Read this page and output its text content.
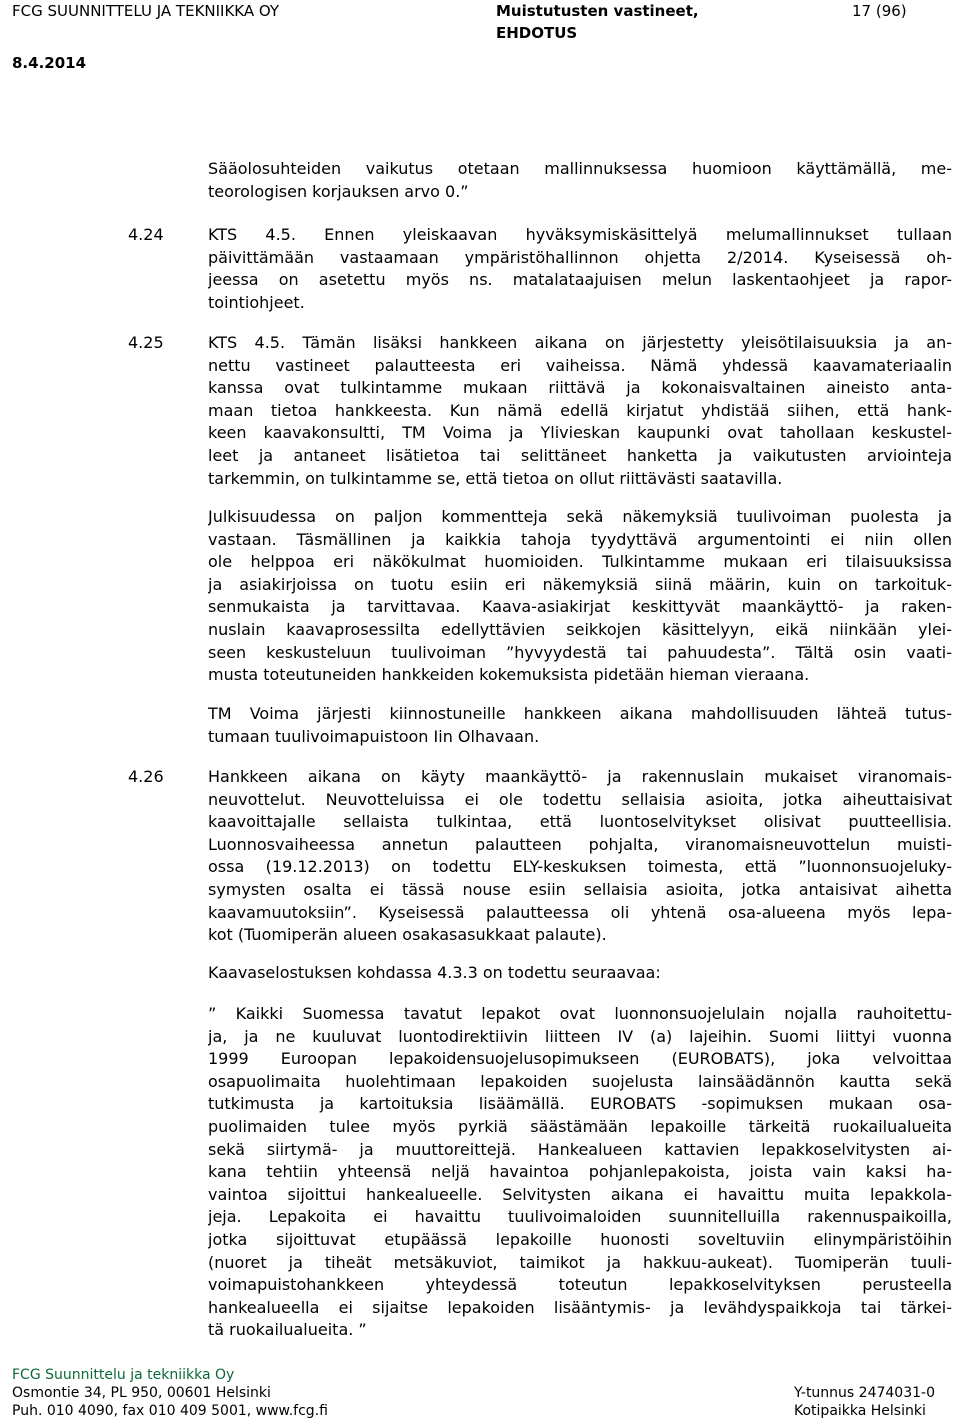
FCG SUUNNITTELU JA TEKNIIKKA OY	Muistutusten vastineet,
EHDOTUS
17 (96)
8.4.2014
Sääolosuhteiden vaikutus otetaan mallinnuksessa huomioon käyttämällä, me-
teorologisen korjauksen arvo 0.”
4.24	KTS 4.5. Ennen yleiskaavan hyväksymiskäsittelyä melumallinnukset tullaan
päivittämään vastaamaan ympäristöhallinnon ohjetta 2/2014. Kyseisessä oh-
jeessa on asetettu myös ns. matalataajuisen melun laskentaohjeet ja rapor-
tointiohjeet.
4.25	KTS 4.5. Tämän lisäksi hankkeen aikana on järjestetty yleisötilaisuuksia ja an-
nettu vastineet palautteesta eri vaiheissa. Nämä yhdessä kaavamateriaalin
kanssa ovat tulkintamme mukaan riittävä ja kokonaisvaltainen aineisto anta-
maan tietoa hankkeesta. Kun nämä edellä kirjatut yhdistää siihen, että hank-
keen kaavakonsultti, TM Voima ja Ylivieskan kaupunki ovat tahollaan keskustel-
leet ja antaneet lisätietoa tai selittäneet hanketta ja vaikutusten arviointeja
tarkemmin, on tulkintamme se, että tietoa on ollut riittävästi saatavilla.
Julkisuudessa on paljon kommentteja sekä näkemyksiä tuulivoiman puolesta ja
vastaan. Täsmällinen ja kaikkia tahoja tyydyttävä argumentointi ei niin ollen
ole helppoa eri näkökulmat huomioiden. Tulkintamme mukaan eri tilaisuuksissa
ja asiakirjoissa on tuotu esiin eri näkemyksiä siinä määrin, kuin on tarkoituk-
senmukaista ja tarvittavaa. Kaava-asiakirjat keskittyvät maankäyttö- ja raken-
nuslain kaavaprosessilta edellyttävien seikkojen käsittelyyn, eikä niinkään ylei-
seen keskusteluun tuulivoiman ”hyvyydestä tai pahuudesta”. Tältä osin vaati-
musta toteutuneiden hankkeiden kokemuksista pidetään hieman vieraana.
TM Voima järjesti kiinnostuneille hankkeen aikana mahdollisuuden lähteä tutus-
tumaan tuulivoimapuistoon Iin Olhavaan.
4.26	Hankkeen aikana on käyty maankäyttö- ja rakennuslain mukaiset viranomais-
neuvottelut. Neuvotteluissa ei ole todettu sellaisia asioita, jotka aiheuttaisivat
kaavoittajalle sellaista tulkintaa, että luontoselvitykset olisivat puutteellisia.
Luonnosvaiheessa annetun palautteen pohjalta, viranomaisneuvottelun muisti-
ossa (19.12.2013) on todettu ELY-keskuksen toimesta, että ”luonnonsuojeluky-
symysten osalta ei tässä nouse esiin sellaisia asioita, jotka antaisivat aihetta
kaavamuutoksiin”. Kyseisessä palautteessa oli yhtenä osa-alueena myös lepa-
kot (Tuomiperän alueen osakasasukkaat palaute).
Kaavaselostuksen kohdassa 4.3.3 on todettu seuraavaa:
” Kaikki Suomessa tavatut lepakot ovat luonnonsuojelulain nojalla rauhoitettu-
ja, ja ne kuuluvat luontodirektiivin liitteen IV (a) lajeihin. Suomi liittyi vuonna
1999 Euroopan lepakoidensuojelusopimukseen (EUROBATS), joka velvoittaa
osapuolimaita huolehtimaan lepakoiden suojelusta lainsäädännön kautta sekä
tutkimusta ja kartoituksia lisäämällä. EUROBATS -sopimuksen mukaan osa-
puolimaiden tulee myös pyrkiä säästämään lepakoille tärkeitä ruokailualueita
sekä siirtymä- ja muuttoreittejä. Hankealueen kattavien lepakkoselvitysten ai-
kana tehtiin yhteensä neljä havaintoa pohjanlepakoista, joista vain kaksi ha-
vaintoa sijoittui hankealueelle. Selvitysten aikana ei havaittu muita lepakkola-
jeja. Lepakoita ei havaittu tuulivoimaloiden suunnitelluilla rakennuspaikoilla,
jotka sijoittuvat etupäässä lepakoille huonosti soveltuviin elinympäristöihin
(nuoret ja tiheät metsäkuviot, taimikot ja hakkuu-aukeat). Tuomiperän tuuli-
voimapuistohankkeen yhteydessä toteutun lepakkoselvityksen perusteella
hankealueella ei sijaitse lepakoiden lisääntymis- ja levähdyspaikkoja tai tärkei-
tä ruokailualueita. ”
FCG Suunnittelu ja tekniikka Oy
Osmontie 34, PL 950, 00601 Helsinki
Puh. 010 4090, fax 010 409 5001, www.fcg.fi
Y-tunnus 2474031-0
Kotipaikka Helsinki
